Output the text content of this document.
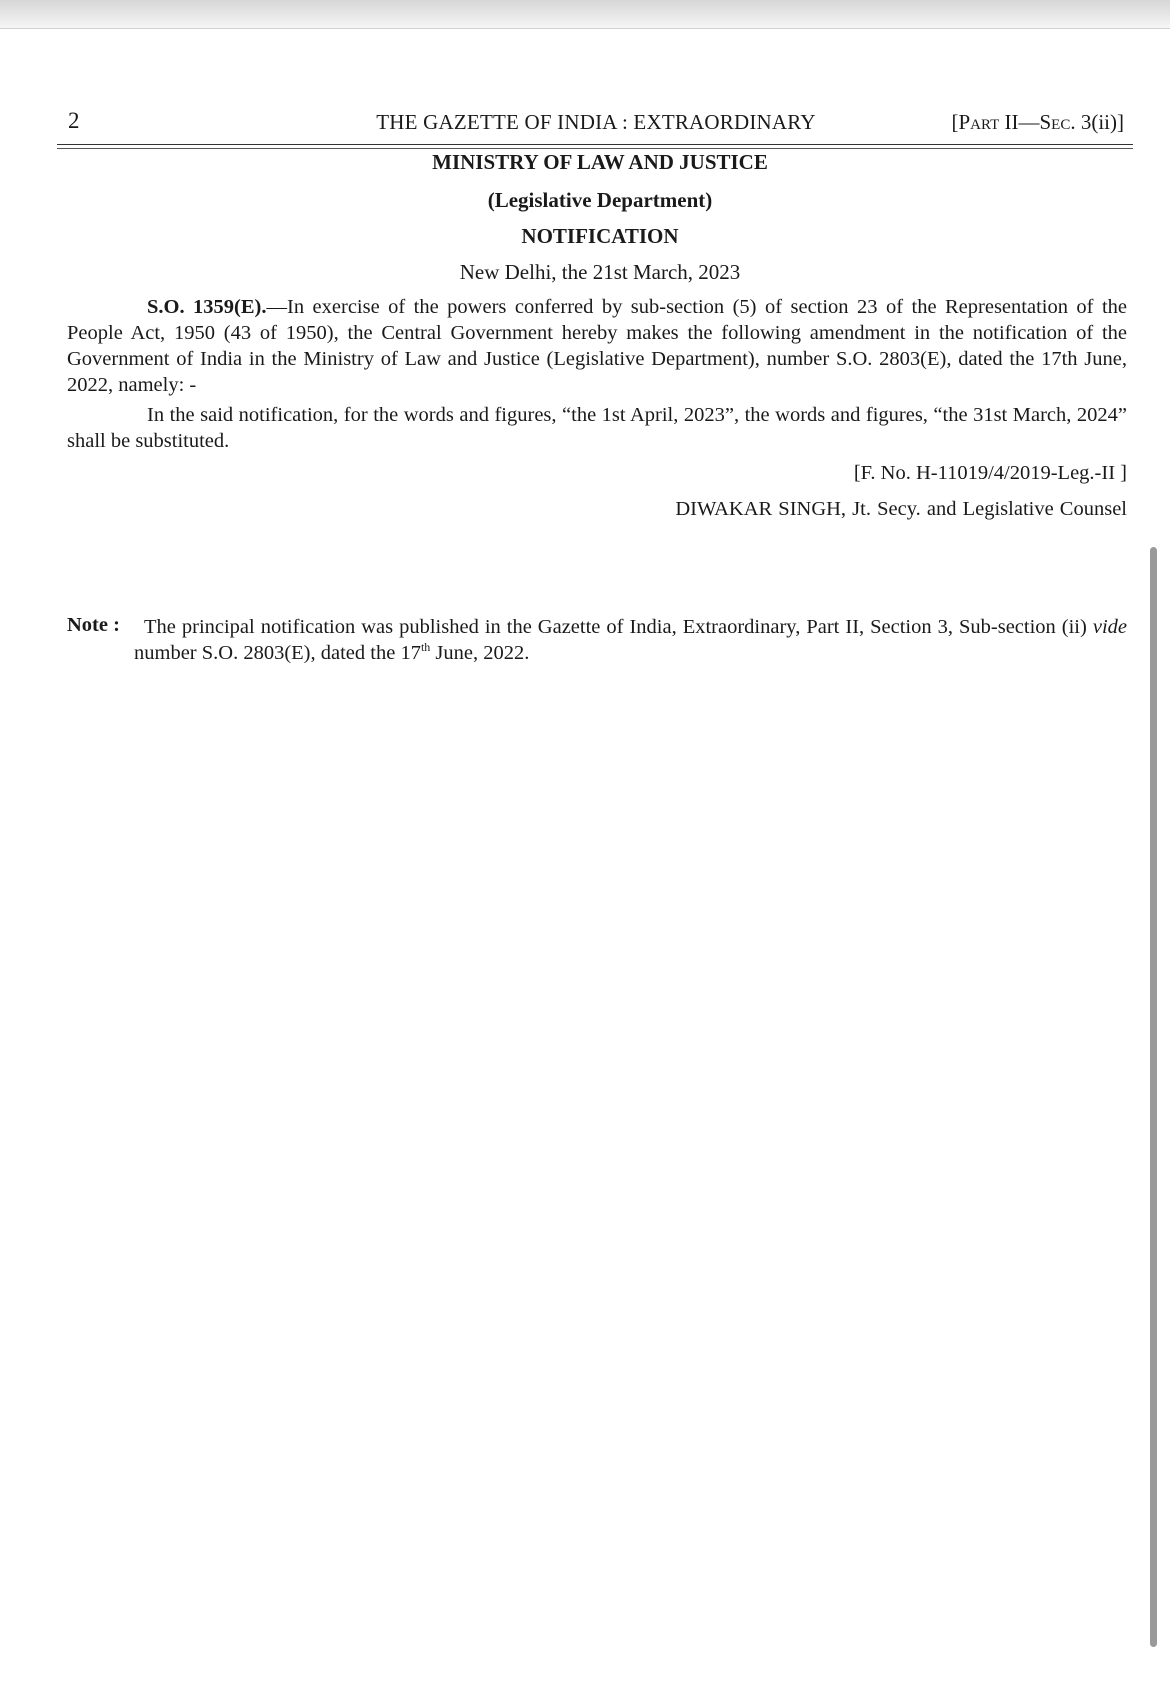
2	THE GAZETTE OF INDIA : EXTRAORDINARY	[Part II—Sec. 3(ii)]
MINISTRY OF LAW AND JUSTICE
(Legislative Department)
NOTIFICATION
New Delhi, the 21st March, 2023

S.O. 1359(E).—In exercise of the powers conferred by sub-section (5) of section 23 of the Representation of the People Act, 1950 (43 of 1950), the Central Government hereby makes the following amendment in the notification of the Government of India in the Ministry of Law and Justice (Legislative Department), number S.O. 2803(E), dated the 17th June, 2022, namely: -

In the said notification, for the words and figures, “the 1st April, 2023”, the words and figures, “the 31st March, 2024” shall be substituted.

[F. No. H-11019/4/2019-Leg.-II ]
DIWAKAR SINGH, Jt. Secy. and Legislative Counsel
Note :	The principal notification was published in the Gazette of India, Extraordinary, Part II, Section 3, Sub-section (ii) vide number S.O. 2803(E), dated the 17th June, 2022.
